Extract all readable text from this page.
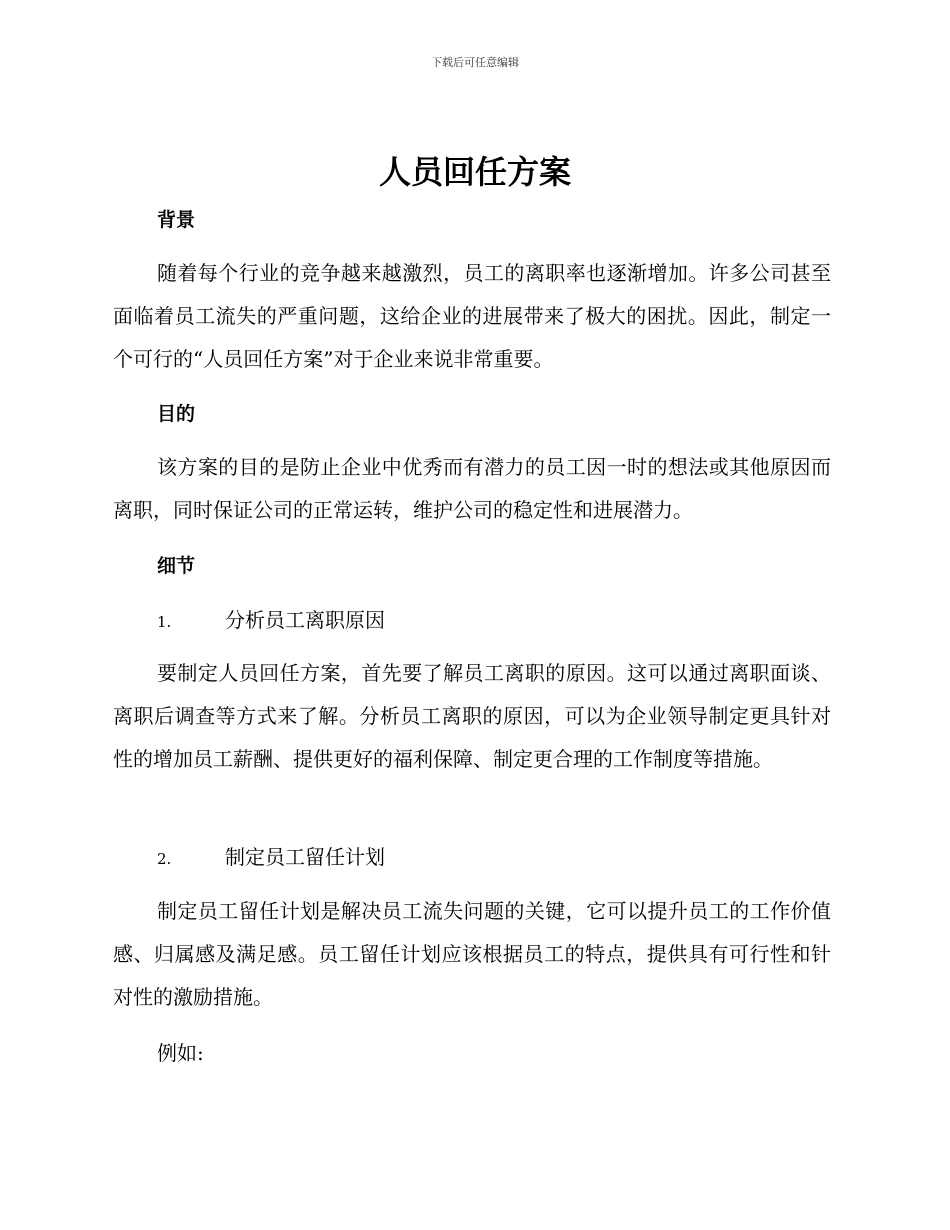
下载后可任意编辑
人员回任方案
背景

随着每个行业的竞争越来越激烈，员工的离职率也逐渐增加。许多公司甚至面临着员工流失的严重问题，这给企业的进展带来了极大的困扰。因此，制定一个可行的“人员回任方案”对于企业来说非常重要。

目的

该方案的目的是防止企业中优秀而有潜力的员工因一时的想法或其他原因而离职，同时保证公司的正常运转，维护公司的稳定性和进展潜力。

细节
1.	分析员工离职原因

要制定人员回任方案，首先要了解员工离职的原因。这可以通过离职面谈、离职后调查等方式来了解。分析员工离职的原因，可以为企业领导制定更具针对性的增加员工薪酬、提供更好的福利保障、制定更合理的工作制度等措施。

2.	制定员工留任计划

制定员工留任计划是解决员工流失问题的关键，它可以提升员工的工作价值感、归属感及满足感。员工留任计划应该根据员工的特点，提供具有可行性和针对性的激励措施。

例如:
